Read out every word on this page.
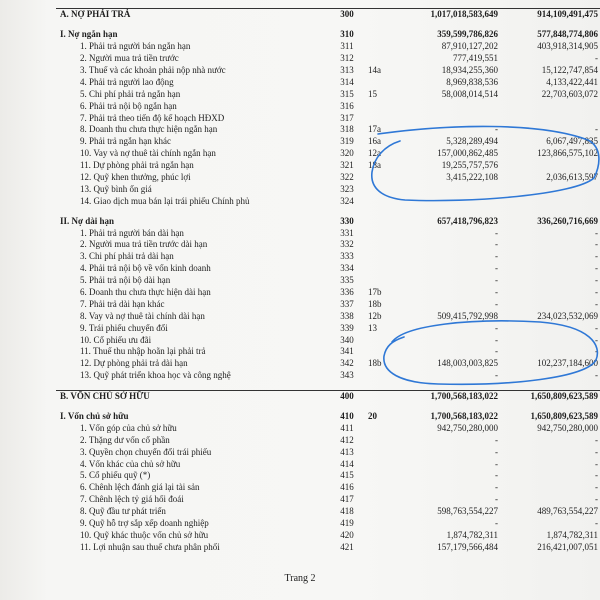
A. NỢ PHẢI TRẢ	300		1,017,018,583,649	914,109,491,475

I. Nợ ngắn hạn	310		359,599,786,826	577,848,774,806
1. Phải trả người bán ngắn hạn	311		87,910,127,202	403,918,314,905
2. Người mua trả tiền trước	312		777,419,551	-
3. Thuế và các khoản phải nộp nhà nước	313	14a	18,934,255,360	15,122,747,854
4. Phải trả người lao động	314		8,969,838,536	4,133,422,441
5. Chi phí phải trả ngắn hạn	315	15	58,008,014,514	22,703,603,072
6. Phải trả nội bộ ngắn hạn	316			
7. Phải trả theo tiến độ kế hoạch HĐXD	317			
8. Doanh thu chưa thực hiện ngắn hạn	318	17a	-	-
9. Phải trả ngắn hạn khác	319	16a	5,328,289,494	6,067,497,835
10. Vay và nợ thuê tài chính ngắn hạn	320	12a	157,000,862,485	123,866,575,102
11. Dự phòng phải trả ngắn hạn	321	18a	19,255,757,576	
12. Quỹ khen thưởng, phúc lợi	322		3,415,222,108	2,036,613,597
13. Quỹ bình ổn giá	323			
14. Giao dịch mua bán lại trái phiếu Chính phủ	324			

II. Nợ dài hạn	330		657,418,796,823	336,260,716,669
1. Phải trả người bán dài hạn	331		-	-
2. Người mua trả tiền trước dài hạn	332		-	-
3. Chi phí phải trả dài hạn	333		-	-
4. Phải trả nội bộ về vốn kinh doanh	334		-	-
5. Phải trả nội bộ dài hạn	335		-	-
6. Doanh thu chưa thực hiện dài hạn	336	17b	-	-
7. Phải trả dài hạn khác	337	18b	-	-
8. Vay và nợ thuê tài chính dài hạn	338	12b	509,415,792,998	234,023,532,069
9. Trái phiếu chuyển đổi	339	13	-	-
10. Cổ phiếu ưu đãi	340		-	-
11. Thuế thu nhập hoãn lại phải trả	341		-	-
12. Dự phòng phải trả dài hạn	342	18b	148,003,003,825	102,237,184,600
13. Quỹ phát triển khoa học và công nghệ	343		-	-

B. VỐN CHỦ SỞ HỮU	400		1,700,568,183,022	1,650,809,623,589

I. Vốn chủ sở hữu	410	20	1,700,568,183,022	1,650,809,623,589
1. Vốn góp của chủ sở hữu	411		942,750,280,000	942,750,280,000
2. Thặng dư vốn cổ phần	412		-	-
3. Quyền chọn chuyển đổi trái phiếu	413		-	-
4. Vốn khác của chủ sở hữu	414		-	-
5. Cổ phiếu quỹ (*)	415		-	-
6. Chênh lệch đánh giá lại tài sản	416		-	-
7. Chênh lệch tỷ giá hối đoái	417		-	-
8. Quỹ đầu tư phát triển	418		598,763,554,227	489,763,554,227
9. Quỹ hỗ trợ sắp xếp doanh nghiệp	419		-	-
10. Quỹ khác thuộc vốn chủ sở hữu	420		1,874,782,311	1,874,782,311
11. Lợi nhuận sau thuế chưa phân phối	421		157,179,566,484	216,421,007,051
Trang 2
